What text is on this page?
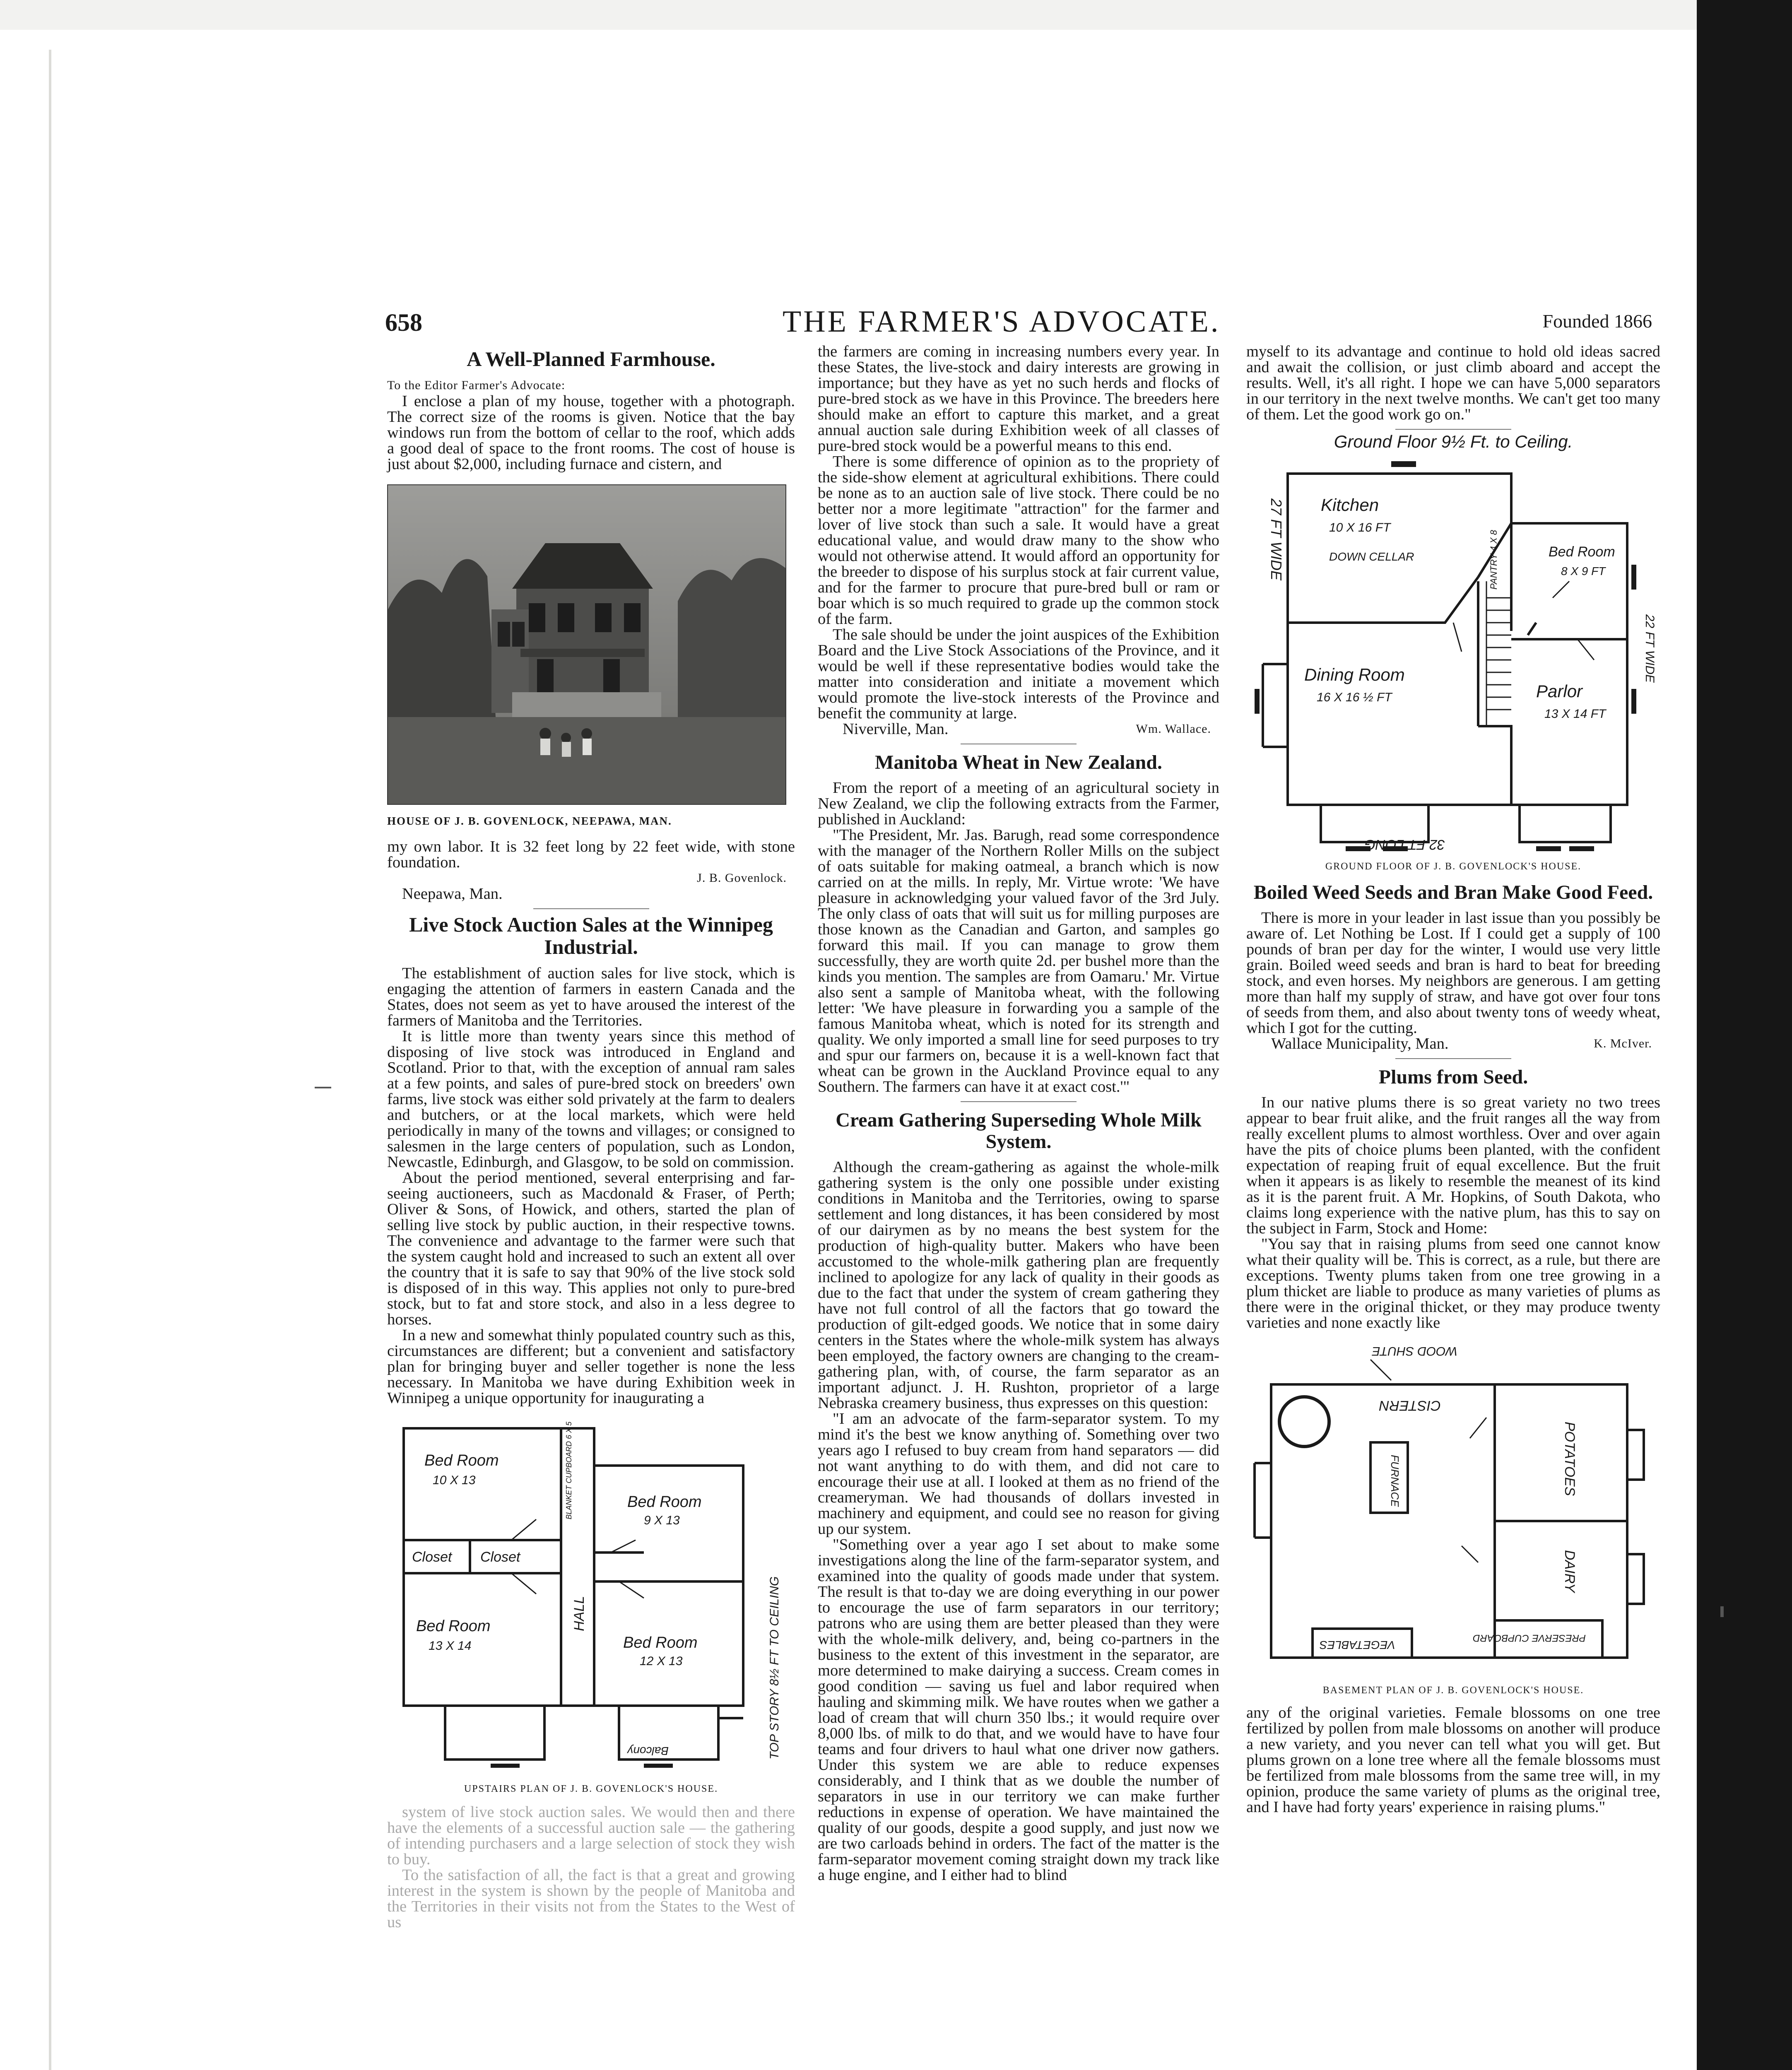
658	THE FARMER'S ADVOCATE.	Founded 1866
A Well-Planned Farmhouse.

To the Editor Farmer's Advocate:

I enclose a plan of my house, together with a photograph. The correct size of the rooms is given. Notice that the bay windows run from the bottom of cellar to the roof, which adds a good deal of space to the front rooms. The cost of house is just about $2,000, including furnace and cistern, and

HOUSE OF J. B. GOVENLOCK, NEEPAWA, MAN.

my own labor. It is 32 feet long by 22 feet wide, with stone foundation.

J. B. Govenlock.

Neepawa, Man.

Live Stock Auction Sales at the Winnipeg Industrial.

The establishment of auction sales for live stock, which is engaging the attention of farmers in eastern Canada and the States, does not seem as yet to have aroused the interest of the farmers of Manitoba and the Territories.

It is little more than twenty years since this method of disposing of live stock was introduced in England and Scotland. Prior to that, with the exception of annual ram sales at a few points, and sales of pure-bred stock on breeders' own farms, live stock was either sold privately at the farm to dealers and butchers, or at the local markets, which were held periodically in many of the towns and villages; or consigned to salesmen in the large centers of population, such as London, Newcastle, Edinburgh, and Glasgow, to be sold on commission.

About the period mentioned, several enterprising and far-seeing auctioneers, such as Macdonald & Fraser, of Perth; Oliver & Sons, of Howick, and others, started the plan of selling live stock by public auction, in their respective towns. The convenience and advantage to the farmer were such that the system caught hold and increased to such an extent all over the country that it is safe to say that 90% of the live stock sold is disposed of in this way. This applies not only to pure-bred stock, but to fat and store stock, and also in a less degree to horses.

In a new and somewhat thinly populated country such as this, circumstances are different; but a convenient and satisfactory plan for bringing buyer and seller together is none the less necessary. In Manitoba we have during Exhibition week in Winnipeg a unique opportunity for inaugurating a

Bed Room
10 X 13
Bed Room
9 X 13
Closet Closet
Bed Room
13 X 14	Bed Room
12 X 13
HALL
BLANKET CUPBOARD 6 X 5
Balcony	TOP STORY 8½ FT TO CEILING
UPSTAIRS PLAN OF J. B. GOVENLOCK'S HOUSE.

system of live stock auction sales. We would then and there have the elements of a successful auction sale — the gathering of intending purchasers and a large selection of stock they wish to buy.

To the satisfaction of all, the fact is that a great and growing interest in the system is shown by the people of Manitoba and the Territories in their visits not from the States to the West of us

the farmers are coming in increasing numbers every year. In these States, the live-stock and dairy interests are growing in importance; but they have as yet no such herds and flocks of pure-bred stock as we have in this Province. The breeders here should make an effort to capture this market, and a great annual auction sale during Exhibition week of all classes of pure-bred stock would be a powerful means to this end.

There is some difference of opinion as to the propriety of the side-show element at agricultural exhibitions. There could be none as to an auction sale of live stock. There could be no better nor a more legitimate "attraction" for the farmer and lover of live stock than such a sale. It would have a great educational value, and would draw many to the show who would not otherwise attend. It would afford an opportunity for the breeder to dispose of his surplus stock at fair current value, and for the farmer to procure that pure-bred bull or ram or boar which is so much required to grade up the common stock of the farm.

The sale should be under the joint auspices of the Exhibition Board and the Live Stock Associations of the Province, and it would be well if these representative bodies would take the matter into consideration and initiate a movement which would promote the live-stock interests of the Province and benefit the community at large.

Niverville, Man.	Wm. Wallace.
Manitoba Wheat in New Zealand.

From the report of a meeting of an agricultural society in New Zealand, we clip the following extracts from the Farmer, published in Auckland:

"The President, Mr. Jas. Barugh, read some correspondence with the manager of the Northern Roller Mills on the subject of oats suitable for making oatmeal, a branch which is now carried on at the mills. In reply, Mr. Virtue wrote: 'We have pleasure in acknowledging your valued favor of the 3rd July. The only class of oats that will suit us for milling purposes are those known as the Canadian and Garton, and samples go forward this mail. If you can manage to grow them successfully, they are worth quite 2d. per bushel more than the kinds you mention. The samples are from Oamaru.' Mr. Virtue also sent a sample of Manitoba wheat, with the following letter: 'We have pleasure in forwarding you a sample of the famous Manitoba wheat, which is noted for its strength and quality. We only imported a small line for seed purposes to try and spur our farmers on, because it is a well-known fact that wheat can be grown in the Auckland Province equal to any Southern. The farmers can have it at exact cost.'"

Cream Gathering Superseding Whole Milk System.

Although the cream-gathering as against the whole-milk gathering system is the only one possible under existing conditions in Manitoba and the Territories, owing to sparse settlement and long distances, it has been considered by most of our dairymen as by no means the best system for the production of high-quality butter. Makers who have been accustomed to the whole-milk gathering plan are frequently inclined to apologize for any lack of quality in their goods as due to the fact that under the system of cream gathering they have not full control of all the factors that go toward the production of gilt-edged goods. We notice that in some dairy centers in the States where the whole-milk system has always been employed, the factory owners are changing to the cream-gathering plan, with, of course, the farm separator as an important adjunct. J. H. Rushton, proprietor of a large Nebraska creamery business, thus expresses on this question:

"I am an advocate of the farm-separator system. To my mind it's the best we know anything of. Something over two years ago I refused to buy cream from hand separators — did not want anything to do with them, and did not care to encourage their use at all. I looked at them as no friend of the creameryman. We had thousands of dollars invested in machinery and equipment, and could see no reason for giving up our system.

"Something over a year ago I set about to make some investigations along the line of the farm-separator system, and examined into the quality of goods made under that system. The result is that to-day we are doing everything in our power to encourage the use of farm separators in our territory; patrons who are using them are better pleased than they were with the whole-milk delivery, and, being co-partners in the business to the extent of this investment in the separator, are more determined to make dairying a success. Cream comes in good condition — saving us fuel and labor required when hauling and skimming milk. We have routes when we gather a load of cream that will churn 350 lbs.; it would require over 8,000 lbs. of milk to do that, and we would have to have four teams and four drivers to haul what one driver now gathers. Under this system we are able to reduce expenses considerably, and I think that as we double the number of separators in use in our territory we can make further reductions in expense of operation. We have maintained the quality of our goods, despite a good supply, and just now we are two carloads behind in orders. The fact of the matter is the farm-separator movement coming straight down my track like a huge engine, and I either had to blind

myself to its advantage and continue to hold old ideas sacred and await the collision, or just climb aboard and accept the results. Well, it's all right. I hope we can have 5,000 separators in our territory in the next twelve months. We can't get too many of them. Let the good work go on."

Ground Floor 9½ Ft. to Ceiling.
Kitchen
10 X 16 FT
DOWN CELLAR	PANTRY 4 X 8	Bed Room
8 X 9 FT
Dining Room
16 X 16 ½ FT	Parlor
13 X 14 FT
27 FT WIDE
22 FT WIDE
32 FT LONG
GROUND FLOOR OF J. B. GOVENLOCK'S HOUSE.
Boiled Weed Seeds and Bran Make Good Feed.

There is more in your leader in last issue than you possibly be aware of. Let Nothing be Lost. If I could get a supply of 100 pounds of bran per day for the winter, I would use very little grain. Boiled weed seeds and bran is hard to beat for breeding stock, and even horses. My neighbors are generous. I am getting more than half my supply of straw, and have got over four tons of seeds from them, and also about twenty tons of weedy wheat, which I got for the cutting.

Wallace Municipality, Man.	K. McIver.
Plums from Seed.

In our native plums there is so great variety no two trees appear to bear fruit alike, and the fruit ranges all the way from really excellent plums to almost worthless. Over and over again have the pits of choice plums been planted, with the confident expectation of reaping fruit of equal excellence. But the fruit when it appears is as likely to resemble the meanest of its kind as it is the parent fruit. A Mr. Hopkins, of South Dakota, who claims long experience with the native plum, has this to say on the subject in Farm, Stock and Home:

"You say that in raising plums from seed one cannot know what their quality will be. This is correct, as a rule, but there are exceptions. Twenty plums taken from one tree growing in a plum thicket are liable to produce as many varieties of plums as there were in the original thicket, or they may produce twenty varieties and none exactly like

WOOD SHUTE
CISTERN
FURNACE	POTATOES
DAIRY
VEGETABLES
PRESERVE CUPBOARD
BASEMENT PLAN OF J. B. GOVENLOCK'S HOUSE.

any of the original varieties. Female blossoms on one tree fertilized by pollen from male blossoms on another will produce a new variety, and you never can tell what you will get. But plums grown on a lone tree where all the female blossoms must be fertilized from male blossoms from the same tree will, in my opinion, produce the same variety of plums as the original tree, and I have had forty years' experience in raising plums."
